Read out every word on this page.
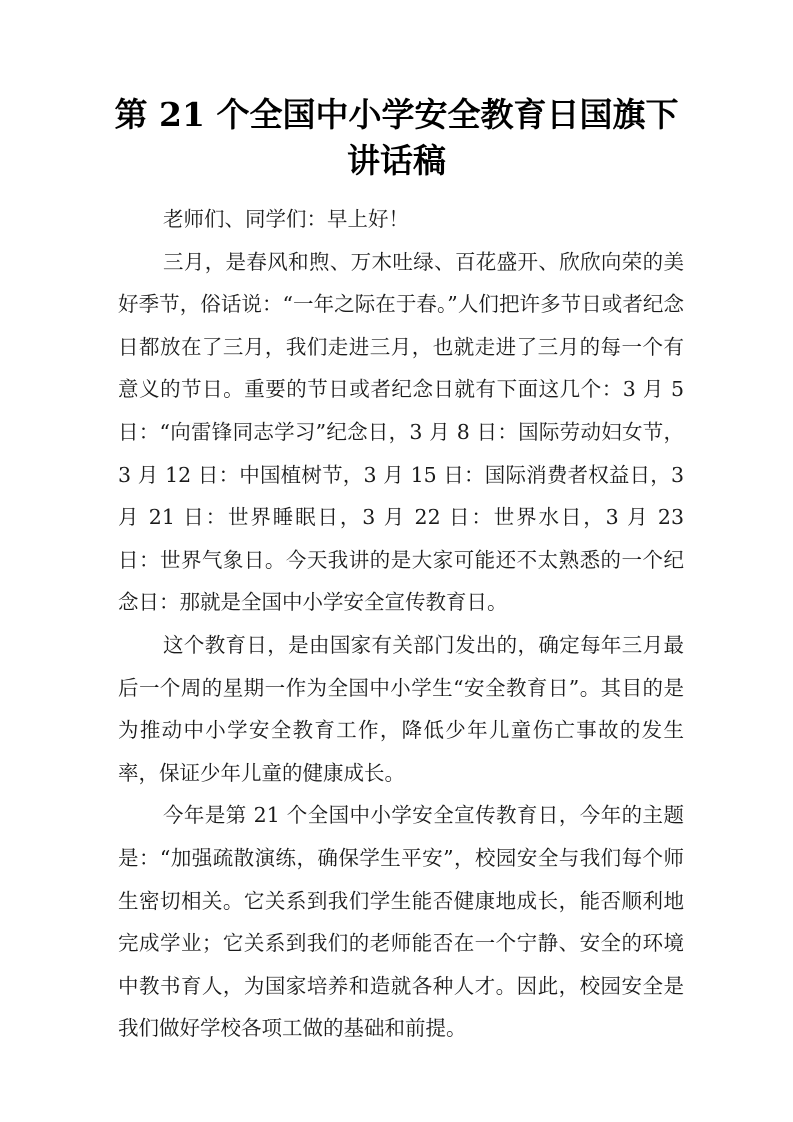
第 21 个全国中小学安全教育日国旗下
讲话稿

老师们、同学们：早上好！

三月，是春风和煦、万木吐绿、百花盛开、欣欣向荣的美好季节，俗话说：“一年之际在于春。”人们把许多节日或者纪念日都放在了三月，我们走进三月，也就走进了三月的每一个有意义的节日。重要的节日或者纪念日就有下面这几个：3 月 5 日：“向雷锋同志学习”纪念日，3 月 8 日：国际劳动妇女节，3 月 12 日：中国植树节，3 月 15 日：国际消费者权益日，3 月 21 日：世界睡眠日，3 月 22 日：世界水日，3 月 23 日：世界气象日。今天我讲的是大家可能还不太熟悉的一个纪念日：那就是全国中小学安全宣传教育日。

这个教育日，是由国家有关部门发出的，确定每年三月最后一个周的星期一作为全国中小学生“安全教育日”。其目的是为推动中小学安全教育工作，降低少年儿童伤亡事故的发生率，保证少年儿童的健康成长。

今年是第 21 个全国中小学安全宣传教育日，今年的主题是：“加强疏散演练，确保学生平安”，校园安全与我们每个师生密切相关。它关系到我们学生能否健康地成长，能否顺利地完成学业；它关系到我们的老师能否在一个宁静、安全的环境中教书育人，为国家培养和造就各种人才。因此，校园安全是我们做好学校各项工做的基础和前提。
